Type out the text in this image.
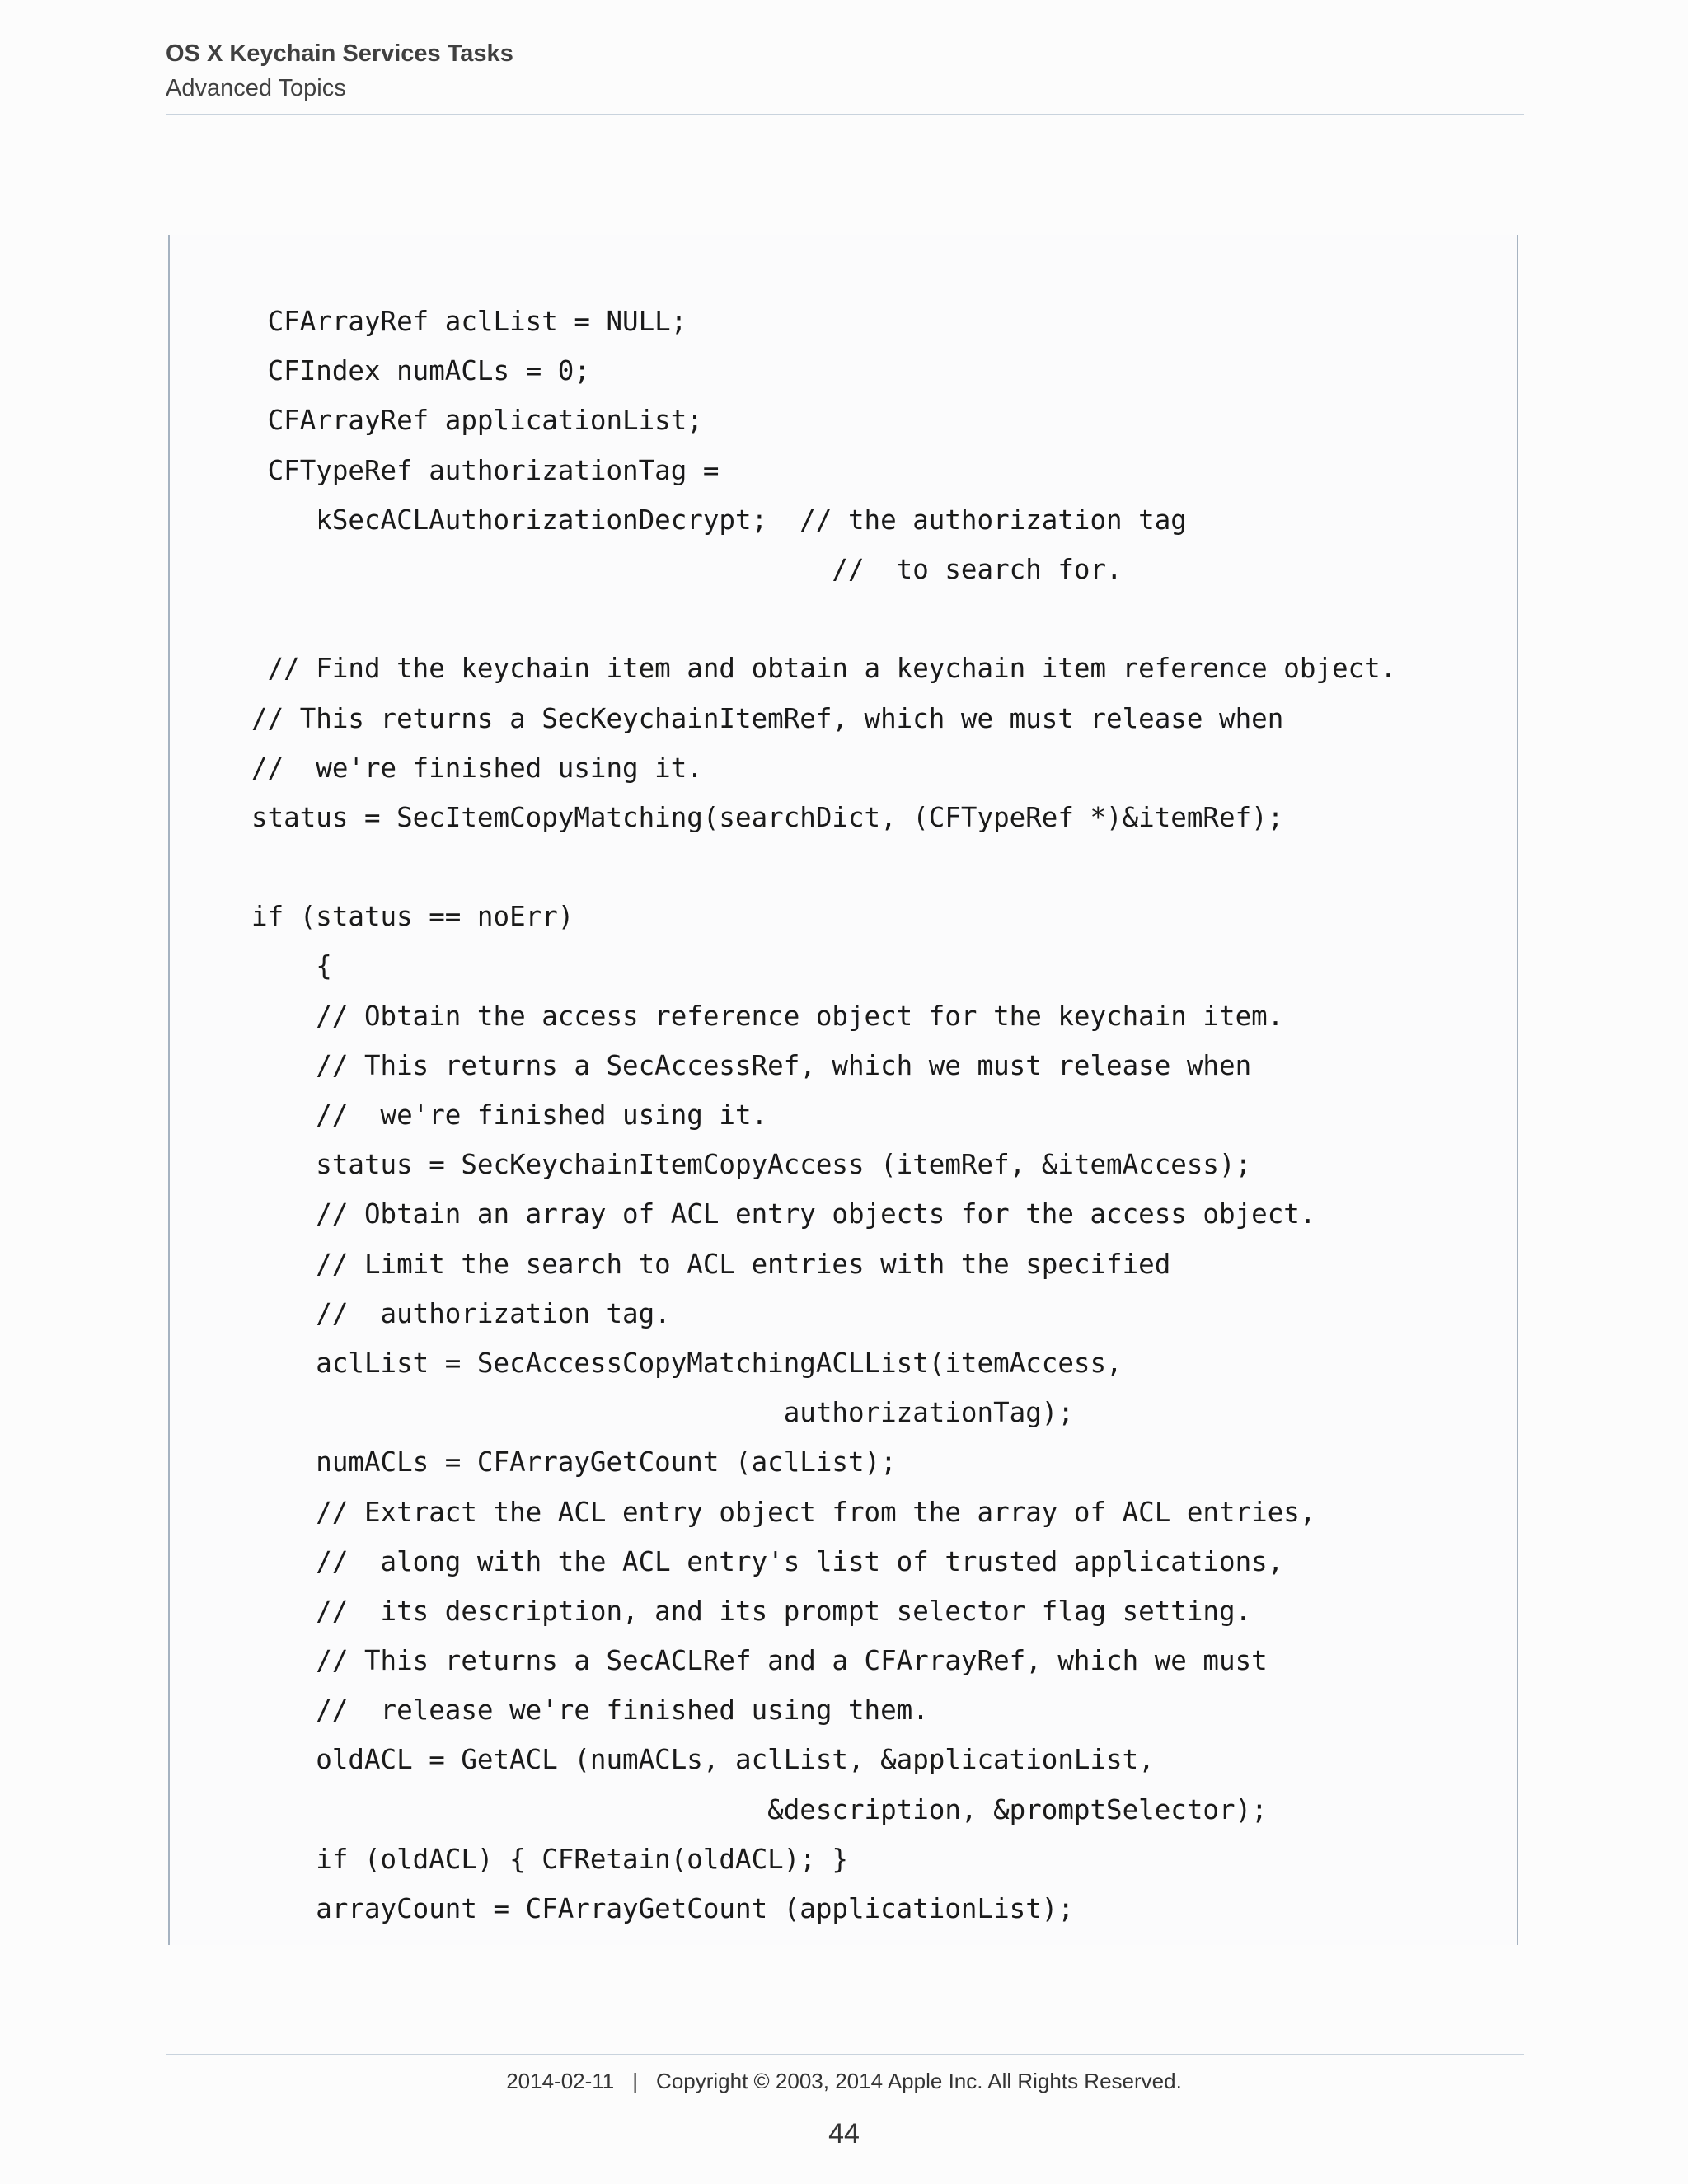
OS X Keychain Services Tasks
Advanced Topics
CFArrayRef aclList = NULL;
CFIndex numACLs = 0;
CFArrayRef applicationList;
CFTypeRef authorizationTag =
kSecACLAuthorizationDecrypt;  // the authorization tag
//  to search for.
// Find the keychain item and obtain a keychain item reference object.
// This returns a SecKeychainItemRef, which we must release when
//  we're finished using it.
status = SecItemCopyMatching(searchDict, (CFTypeRef *)&itemRef);
if (status == noErr)
{
// Obtain the access reference object for the keychain item.
// This returns a SecAccessRef, which we must release when
//  we're finished using it.
status = SecKeychainItemCopyAccess (itemRef, &itemAccess);
// Obtain an array of ACL entry objects for the access object.
// Limit the search to ACL entries with the specified
//  authorization tag.
aclList = SecAccessCopyMatchingACLList(itemAccess,
authorizationTag);
numACLs = CFArrayGetCount (aclList);
// Extract the ACL entry object from the array of ACL entries,
//  along with the ACL entry's list of trusted applications,
//  its description, and its prompt selector flag setting.
// This returns a SecACLRef and a CFArrayRef, which we must
//  release we're finished using them.
oldACL = GetACL (numACLs, aclList, &applicationList,
&description, &promptSelector);
if (oldACL) { CFRetain(oldACL); }
arrayCount = CFArrayGetCount (applicationList);
2014-02-11 | Copyright © 2003, 2014 Apple Inc. All Rights Reserved.
44
